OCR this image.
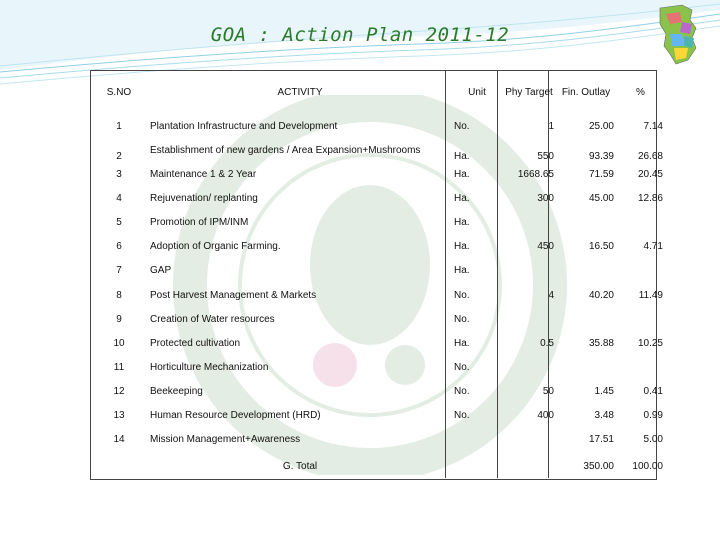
GOA : Action Plan 2011-12
S.NO	ACTIVITY	Unit	Phy Target	Fin. Outlay	%
1	Plantation Infrastructure and Development	No.	1	25.00	7.14
2	Establishment of new gardens / Area Expansion+Mushrooms	Ha.	550	93.39	26.68
3	Maintenance 1 & 2 Year	Ha.	1668.65	71.59	20.45
4	Rejuvenation/ replanting	Ha.	300	45.00	12.86
5	Promotion of IPM/INM	Ha.			
6	Adoption of Organic Farming.	Ha.	450	16.50	4.71
7	GAP	Ha.			
8	Post Harvest Management & Markets	No.	4	40.20	11.49
9	Creation of Water resources	No.			
10	Protected cultivation	Ha.	0.5	35.88	10.25
11	Horticulture Mechanization	No.			
12	Beekeeping	No.	50	1.45	0.41
13	Human Resource Development (HRD)	No.	400	3.48	0.99
14	Mission Management+Awareness			17.51	5.00
	G. Total			350.00	100.00
